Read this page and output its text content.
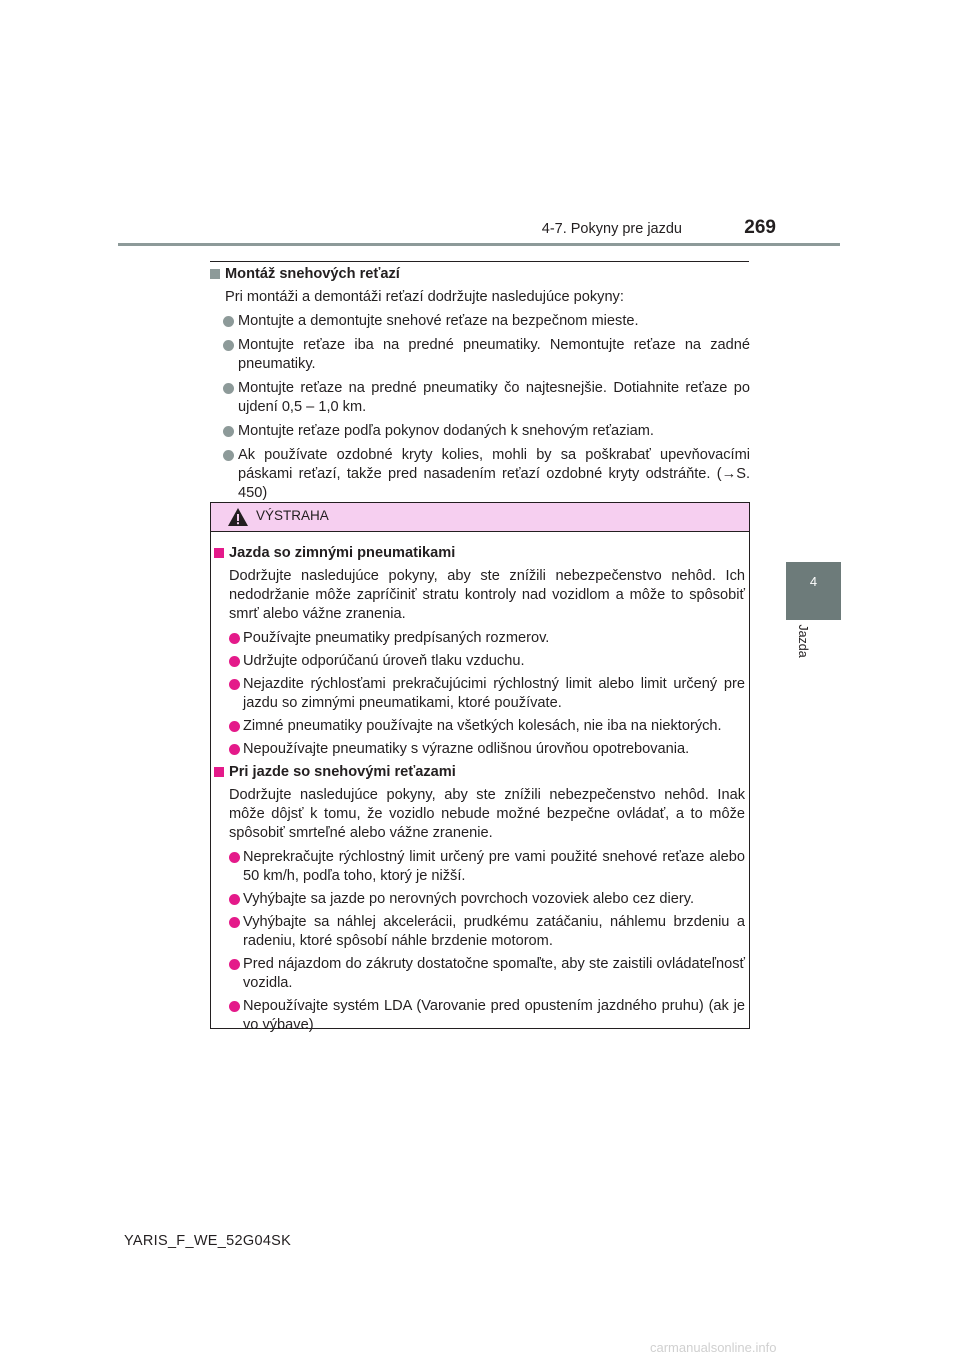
4-7. Pokyny pre jazdu	269
4
Jazda
Montáž snehových reťazí
Pri montáži a demontáži reťazí dodržujte nasledujúce pokyny:
Montujte a demontujte snehové reťaze na bezpečnom mieste.
Montujte reťaze iba na predné pneumatiky. Nemontujte reťaze na zadné pneumatiky.
Montujte reťaze na predné pneumatiky čo najtesnejšie. Dotiahnite reťaze po ujdení 0,5 – 1,0 km.
Montujte reťaze podľa pokynov dodaných k snehovým reťaziam.
Ak používate ozdobné kryty kolies, mohli by sa poškrabať upevňovacími páskami reťazí, takže pred nasadením reťazí ozdobné kryty odstráňte. (→S. 450)
VÝSTRAHA
Jazda so zimnými pneumatikami
Dodržujte nasledujúce pokyny, aby ste znížili nebezpečenstvo nehôd. Ich nedodržanie môže zapríčiniť stratu kontroly nad vozidlom a môže to spôsobiť smrť alebo vážne zranenia.
Používajte pneumatiky predpísaných rozmerov.
Udržujte odporúčanú úroveň tlaku vzduchu.
Nejazdite rýchlosťami prekračujúcimi rýchlostný limit alebo limit určený pre jazdu so zimnými pneumatikami, ktoré používate.
Zimné pneumatiky používajte na všetkých kolesách, nie iba na niektorých.
Nepoužívajte pneumatiky s výrazne odlišnou úrovňou opotrebovania.
Pri jazde so snehovými reťazami
Dodržujte nasledujúce pokyny, aby ste znížili nebezpečenstvo nehôd. Inak môže dôjsť k tomu, že vozidlo nebude možné bezpečne ovládať, a to môže spôsobiť smrteľné alebo vážne zranenie.
Neprekračujte rýchlostný limit určený pre vami použité snehové reťaze alebo 50 km/h, podľa toho, ktorý je nižší.
Vyhýbajte sa jazde po nerovných povrchoch vozoviek alebo cez diery.
Vyhýbajte sa náhlej akcelerácii, prudkému zatáčaniu, náhlemu brzdeniu a radeniu, ktoré spôsobí náhle brzdenie motorom.
Pred nájazdom do zákruty dostatočne spomaľte, aby ste zaistili ovládateľnosť vozidla.
Nepoužívajte systém LDA (Varovanie pred opustením jazdného pruhu) (ak je vo výbave)
YARIS_F_WE_52G04SK
carmanualsonline.info
